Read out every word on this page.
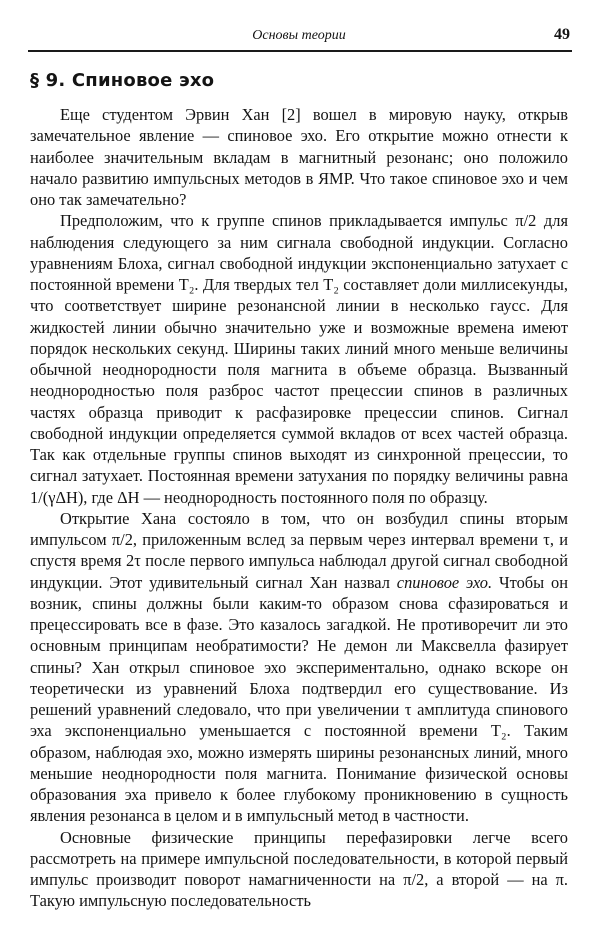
Основы теории	49
§ 9. Спиновое эхо

Еще студентом Эрвин Хан [2] вошел в мировую науку, открыв замечательное явление — спиновое эхо. Его открытие можно отнести к наиболее значительным вкладам в магнитный резонанс; оно положило начало развитию импульсных методов в ЯМР. Что такое спиновое эхо и чем оно так замечательно?

Предположим, что к группе спинов прикладывается импульс π/2 для наблюдения следующего за ним сигнала свободной индукции. Согласно уравнениям Блоха, сигнал свободной индукции экспоненциально затухает с постоянной времени T₂. Для твердых тел T₂ составляет доли миллисекунды, что соответствует ширине резонансной линии в несколько гаусс. Для жидкостей линии обычно значительно уже и возможные времена имеют порядок нескольких секунд. Ширины таких линий много меньше величины обычной неоднородности поля магнита в объеме образца. Вызванный неоднородностью поля разброс частот прецессии спинов в различных частях образца приводит к расфазировке прецессии спинов. Сигнал свободной индукции определяется суммой вкладов от всех частей образца. Так как отдельные группы спинов выходят из синхронной прецессии, то сигнал затухает. Постоянная времени затухания по порядку величины равна 1/(γΔH), где ΔH — неоднородность постоянного поля по образцу.

Открытие Хана состояло в том, что он возбудил спины вторым импульсом π/2, приложенным вслед за первым через интервал времени τ, и спустя время 2τ после первого импульса наблюдал другой сигнал свободной индукции. Этот удивительный сигнал Хан назвал спиновое эхо. Чтобы он возник, спины должны были каким-то образом снова сфазироваться и прецессировать все в фазе. Это казалось загадкой. Не противоречит ли это основным принципам необратимости? Не демон ли Максвелла фазирует спины? Хан открыл спиновое эхо экспериментально, однако вскоре он теоретически из уравнений Блоха подтвердил его существование. Из решений уравнений следовало, что при увеличении τ амплитуда спинового эха экспоненциально уменьшается с постоянной времени T₂. Таким образом, наблюдая эхо, можно измерять ширины резонансных линий, много меньшие неоднородности поля магнита. Понимание физической основы образования эха привело к более глубокому проникновению в сущность явления резонанса в целом и в импульсный метод в частности.

Основные физические принципы перефазировки легче всего рассмотреть на примере импульсной последовательности, в которой первый импульс производит поворот намагниченности на π/2, а второй — на π. Такую импульсную последовательность
